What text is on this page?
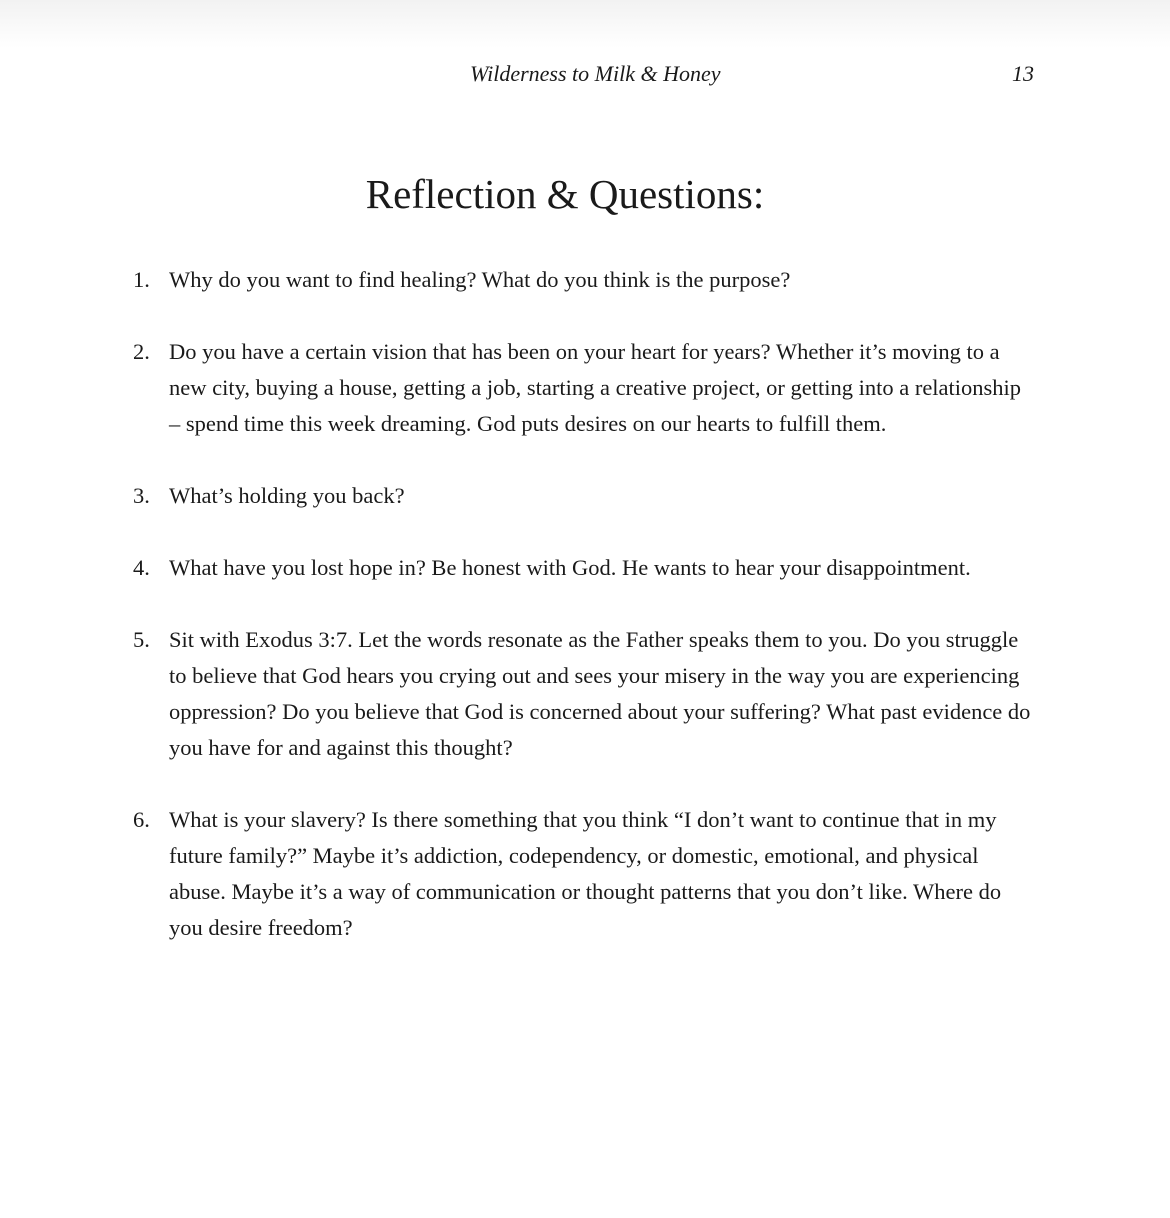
Wilderness to Milk & Honey	13
Reflection & Questions:
1. Why do you want to find healing? What do you think is the purpose?
2. Do you have a certain vision that has been on your heart for years? Whether it’s moving to a new city, buying a house, getting a job, starting a creative project, or getting into a relationship – spend time this week dreaming. God puts desires on our hearts to fulfill them.
3. What’s holding you back?
4. What have you lost hope in? Be honest with God. He wants to hear your disappointment.
5. Sit with Exodus 3:7. Let the words resonate as the Father speaks them to you. Do you struggle to believe that God hears you crying out and sees your misery in the way you are experiencing oppression? Do you believe that God is concerned about your suffering? What past evidence do you have for and against this thought?
6. What is your slavery? Is there something that you think “I don’t want to continue that in my future family?” Maybe it’s addiction, codependency, or domestic, emotional, and physical abuse. Maybe it’s a way of communication or thought patterns that you don’t like. Where do you desire freedom?
